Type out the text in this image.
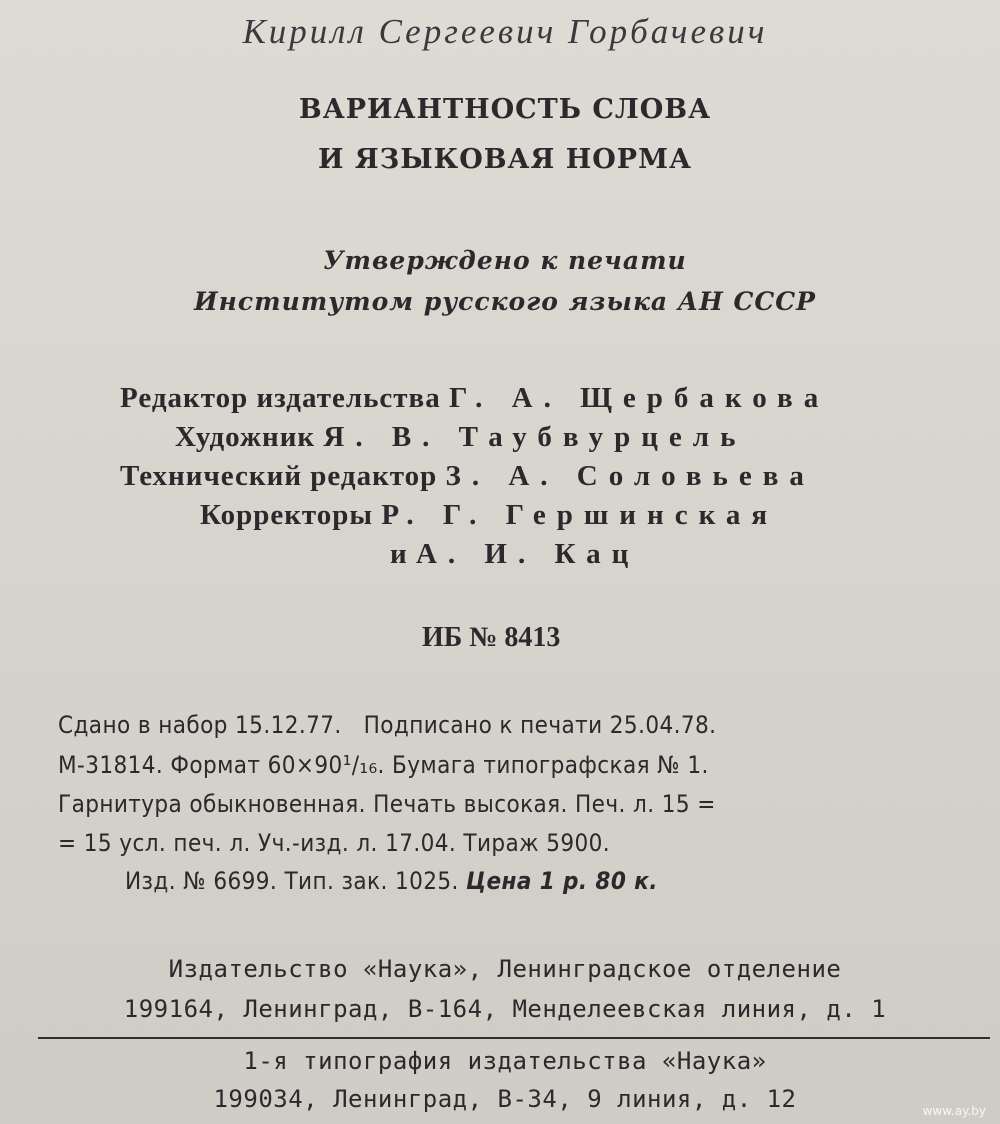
Кирилл Сергеевич Горбачевич
ВАРИАНТНОСТЬ СЛОВА
И ЯЗЫКОВАЯ НОРМА
Утверждено к печати
Институтом русского языка АН СССР
Редактор издательства Г. А. Щербакова
Художник Я. В. Таубвурцель
Технический редактор З. А. Соловьева
Корректоры Р. Г. Гершинская
и А. И. Кац
ИБ № 8413
Сдано в набор 15.12.77. Подписано к печати 25.04.78.
М-31814. Формат 60×90¹/₁₆. Бумага типографская № 1.
Гарнитура обыкновенная. Печать высокая. Печ. л. 15 =
= 15 усл. печ. л. Уч.-изд. л. 17.04. Тираж 5900.
Изд. № 6699. Тип. зак. 1025. Цена 1 р. 80 к.
Издательство «Наука», Ленинградское отделение
199164, Ленинград, В-164, Менделеевская линия, д. 1
1-я типография издательства «Наука»
199034, Ленинград, В-34, 9 линия, д. 12	www.ay.by
